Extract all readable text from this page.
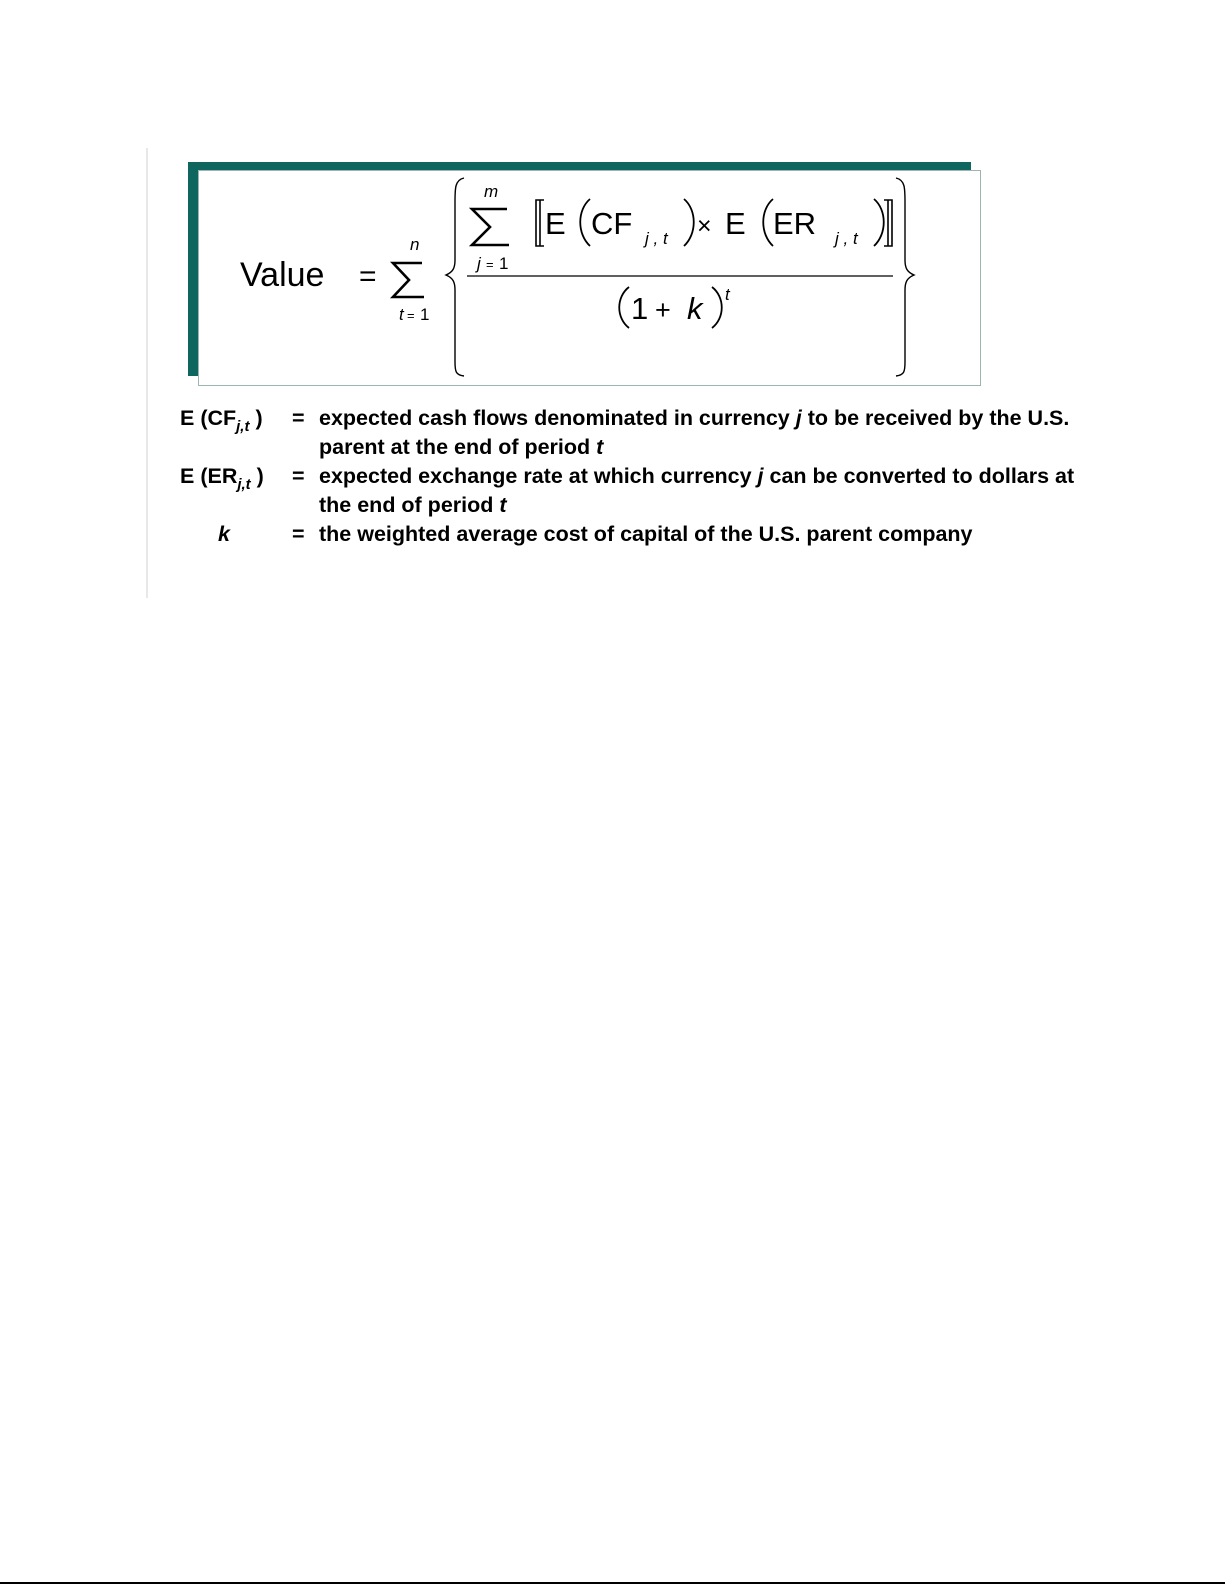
Value =
n
t = 1
m
j = 1
E CF j , t × E ER j , t
1 + k t
E ($CF_{j,t}$ ) = expected cash flows denominated in currency j to be received by the U.S. parent at the end of period t
E ($ER_{j,t}$ ) = expected exchange rate at which currency j can be converted to dollars at the end of period t
k	= the weighted average cost of capital of the U.S. parent company
